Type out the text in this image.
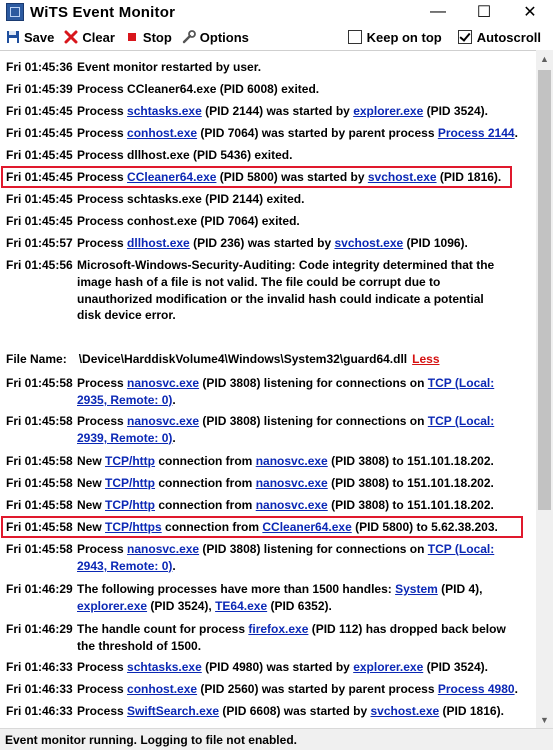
WiTS Event Monitor	—	☐	✕
Save Clear Stop Options	Keep on top	Autoscroll
Fri 01:45:36 Event monitor restarted by user.
Fri 01:45:39 Process CCleaner64.exe (PID 6008) exited.
Fri 01:45:45 Process schtasks.exe (PID 2144) was started by explorer.exe (PID 3524).
Fri 01:45:45 Process conhost.exe (PID 7064) was started by parent process Process 2144.
Fri 01:45:45 Process dllhost.exe (PID 5436) exited.
Fri 01:45:45 Process CCleaner64.exe (PID 5800) was started by svchost.exe (PID 1816).
Fri 01:45:45 Process schtasks.exe (PID 2144) exited.
Fri 01:45:45 Process conhost.exe (PID 7064) exited.
Fri 01:45:57 Process dllhost.exe (PID 236) was started by svchost.exe (PID 1096).
Fri 01:45:56 Microsoft-Windows-Security-Auditing: Code integrity determined that the
image hash of a file is not valid. The file could be corrupt due to
unauthorized modification or the invalid hash could indicate a potential
disk device error.
File Name: \Device\HarddiskVolume4\Windows\System32\guard64.dll Less
Fri 01:45:58 Process nanosvc.exe (PID 3808) listening for connections on TCP (Local:
2935, Remote: 0).
Fri 01:45:58 Process nanosvc.exe (PID 3808) listening for connections on TCP (Local:
2939, Remote: 0).
Fri 01:45:58 New TCP/http connection from nanosvc.exe (PID 3808) to 151.101.18.202.
Fri 01:45:58 New TCP/http connection from nanosvc.exe (PID 3808) to 151.101.18.202.
Fri 01:45:58 New TCP/http connection from nanosvc.exe (PID 3808) to 151.101.18.202.
Fri 01:45:58 New TCP/https connection from CCleaner64.exe (PID 5800) to 5.62.38.203.
Fri 01:45:58 Process nanosvc.exe (PID 3808) listening for connections on TCP (Local:
2943, Remote: 0).
Fri 01:46:29 The following processes have more than 1500 handles: System (PID 4),
explorer.exe (PID 3524), TE64.exe (PID 6352).
Fri 01:46:29 The handle count for process firefox.exe (PID 112) has dropped back below
the threshold of 1500.
Fri 01:46:33 Process schtasks.exe (PID 4980) was started by explorer.exe (PID 3524).
Fri 01:46:33 Process conhost.exe (PID 2560) was started by parent process Process 4980.
Fri 01:46:33 Process SwiftSearch.exe (PID 6608) was started by svchost.exe (PID 1816).
▲
▼
Event monitor running. Logging to file not enabled.
